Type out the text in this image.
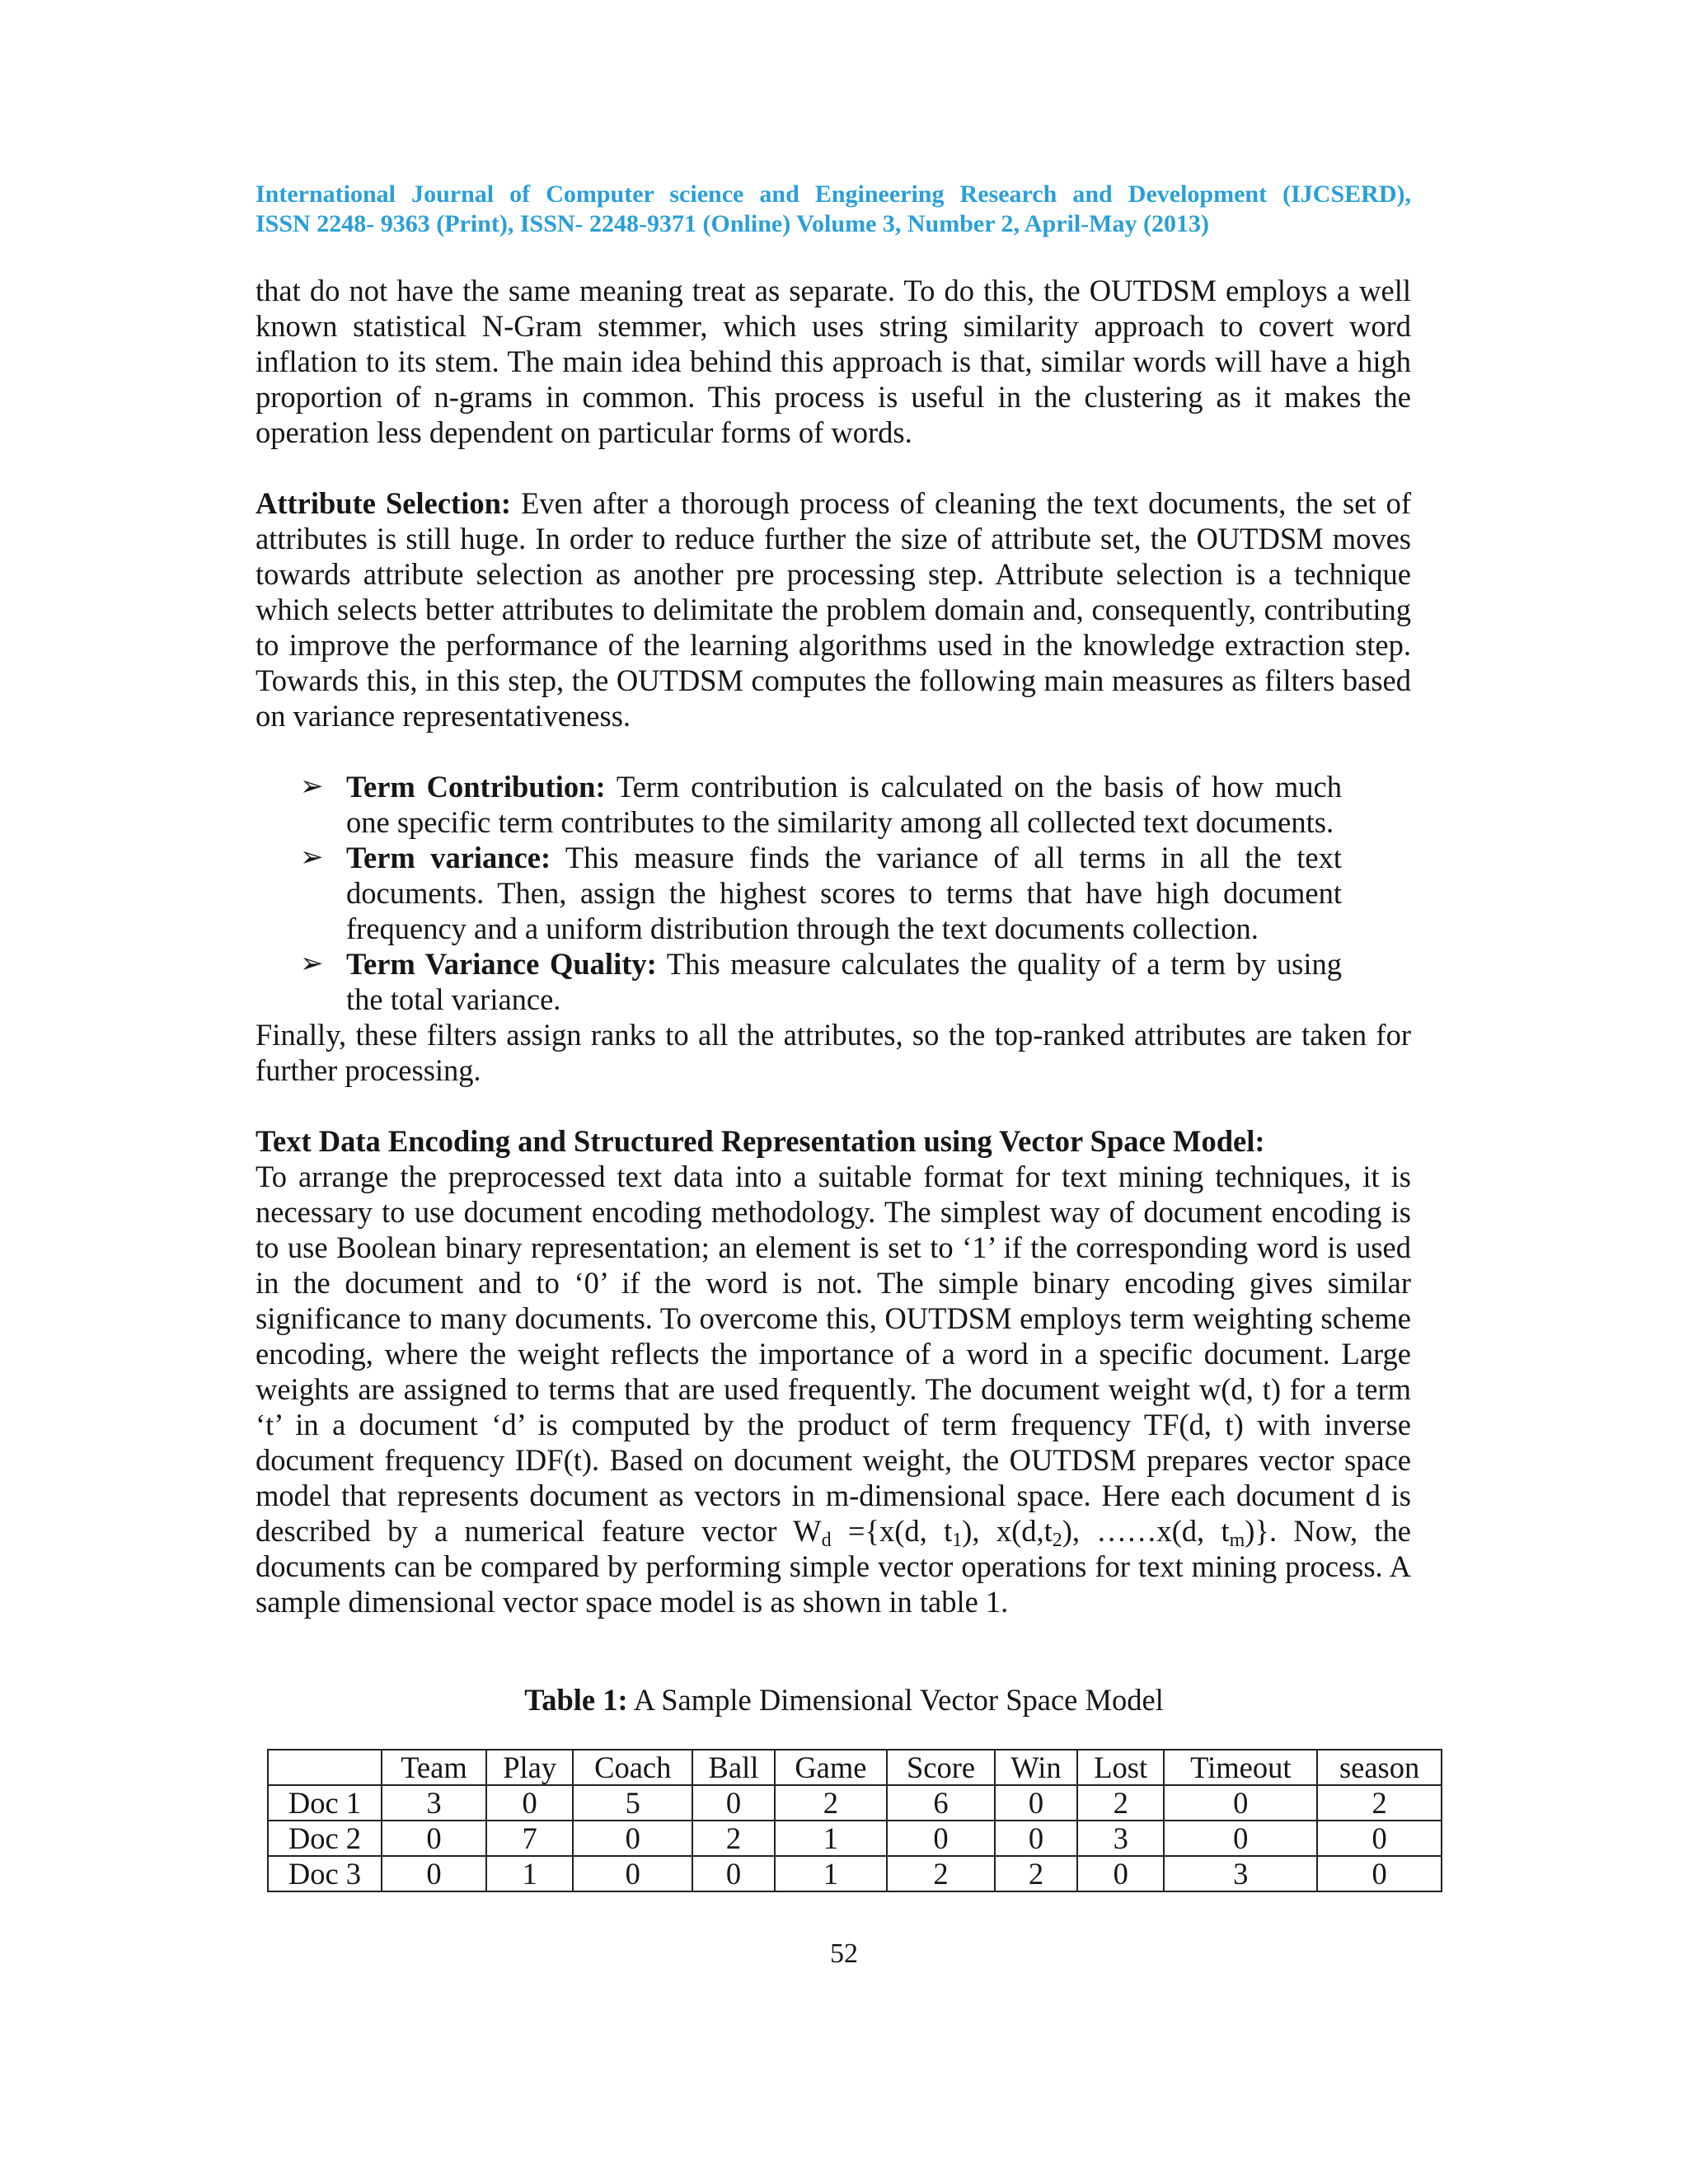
International Journal of Computer science and Engineering Research and Development (IJCSERD),
ISSN 2248- 9363 (Print), ISSN- 2248-9371 (Online) Volume 3, Number 2, April-May (2013)

that do not have the same meaning treat as separate. To do this, the OUTDSM employs a well known statistical N-Gram stemmer, which uses string similarity approach to covert word inflation to its stem. The main idea behind this approach is that, similar words will have a high proportion of n-grams in common. This process is useful in the clustering as it makes the operation less dependent on particular forms of words.

Attribute Selection: Even after a thorough process of cleaning the text documents, the set of attributes is still huge. In order to reduce further the size of attribute set, the OUTDSM moves towards attribute selection as another pre processing step. Attribute selection is a technique which selects better attributes to delimitate the problem domain and, consequently, contributing to improve the performance of the learning algorithms used in the knowledge extraction step. Towards this, in this step, the OUTDSM computes the following main measures as filters based on variance representativeness.

➢ Term Contribution: Term contribution is calculated on the basis of how much one specific term contributes to the similarity among all collected text documents.
➢ Term variance: This measure finds the variance of all terms in all the text documents. Then, assign the highest scores to terms that have high document frequency and a uniform distribution through the text documents collection.
➢ Term Variance Quality: This measure calculates the quality of a term by using the total variance.

Finally, these filters assign ranks to all the attributes, so the top-ranked attributes are taken for further processing.

Text Data Encoding and Structured Representation using Vector Space Model:

To arrange the preprocessed text data into a suitable format for text mining techniques, it is necessary to use document encoding methodology. The simplest way of document encoding is to use Boolean binary representation; an element is set to ‘1’ if the corresponding word is used in the document and to ‘0’ if the word is not. The simple binary encoding gives similar significance to many documents. To overcome this, OUTDSM employs term weighting scheme encoding, where the weight reflects the importance of a word in a specific document. Large weights are assigned to terms that are used frequently. The document weight w(d, t) for a term ‘t’ in a document ‘d’ is computed by the product of term frequency TF(d, t) with inverse document frequency IDF(t). Based on document weight, the OUTDSM prepares vector space model that represents document as vectors in m-dimensional space. Here each document d is described by a numerical feature vector $W_d =\{x(d$, $t_1$), $x(d,t_2)$, ……x(d, $t_m$)}. Now, the documents can be compared by performing simple vector operations for text mining process. A sample dimensional vector space model is as shown in table 1.

Table 1: A Sample Dimensional Vector Space Model
	Team	Play	Coach	Ball	Game	Score	Win	Lost	Timeout	season
Doc 1	3	0	5	0	2	6	0	2	0	2
Doc 2	0	7	0	2	1	0	0	3	0	0
Doc 3	0	1	0	0	1	2	2	0	3	0
52
